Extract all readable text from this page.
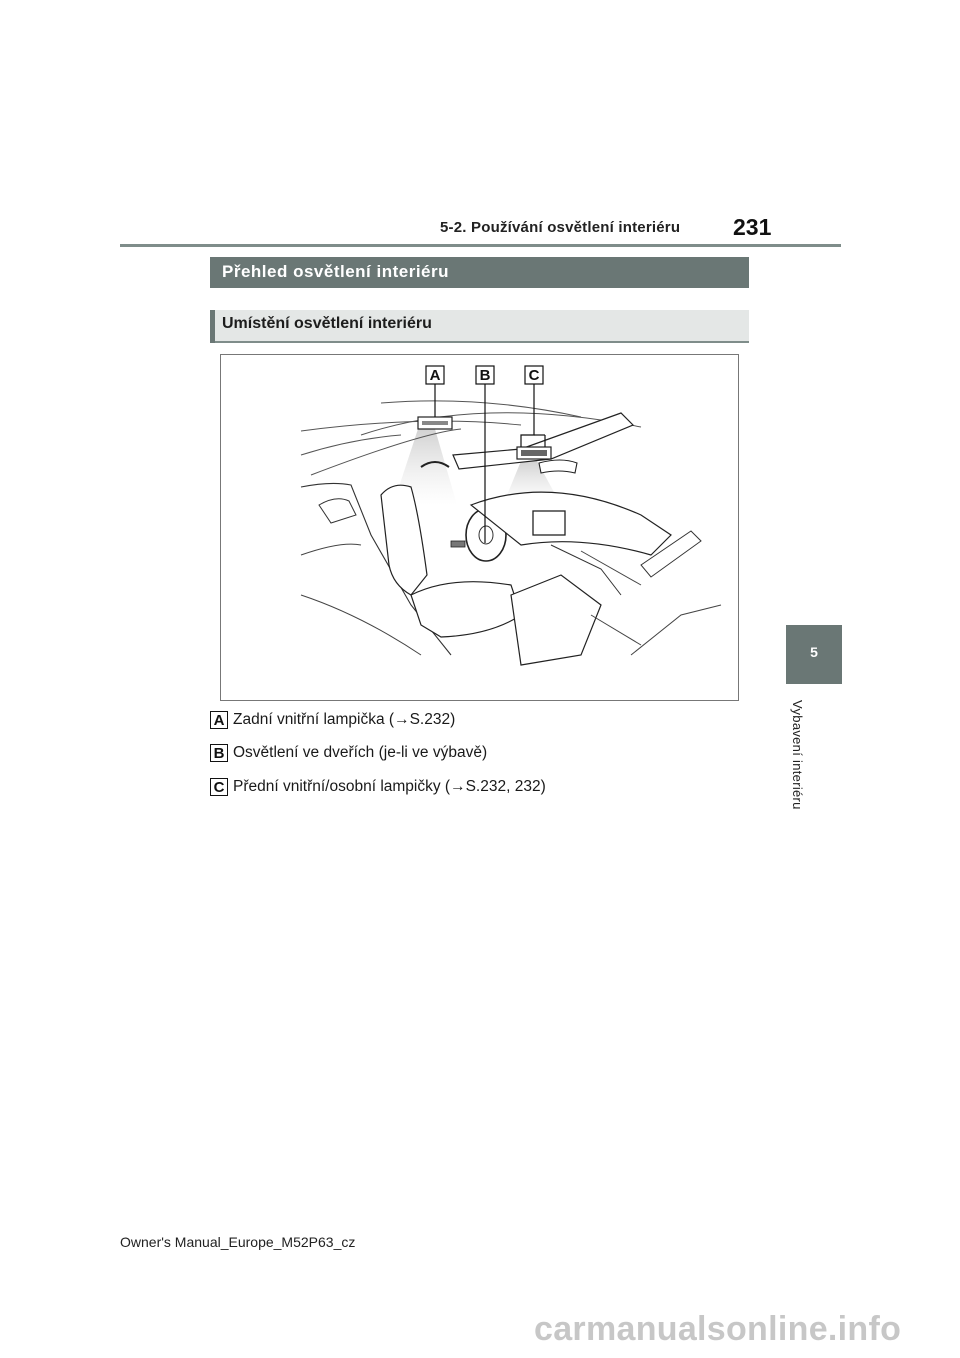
5-2. Používání osvětlení interiéru 231
Přehled osvětlení interiéru
Umístění osvětlení interiéru
A	B	C
A Zadní vnitřní lampička (→S.232)
B Osvětlení ve dveřích (je-li ve výbavě)
C Přední vnitřní/osobní lampičky (→S.232, 232)
5
Vybavení interiéru
Owner's Manual_Europe_M52P63_cz
carmanualsonline.info
